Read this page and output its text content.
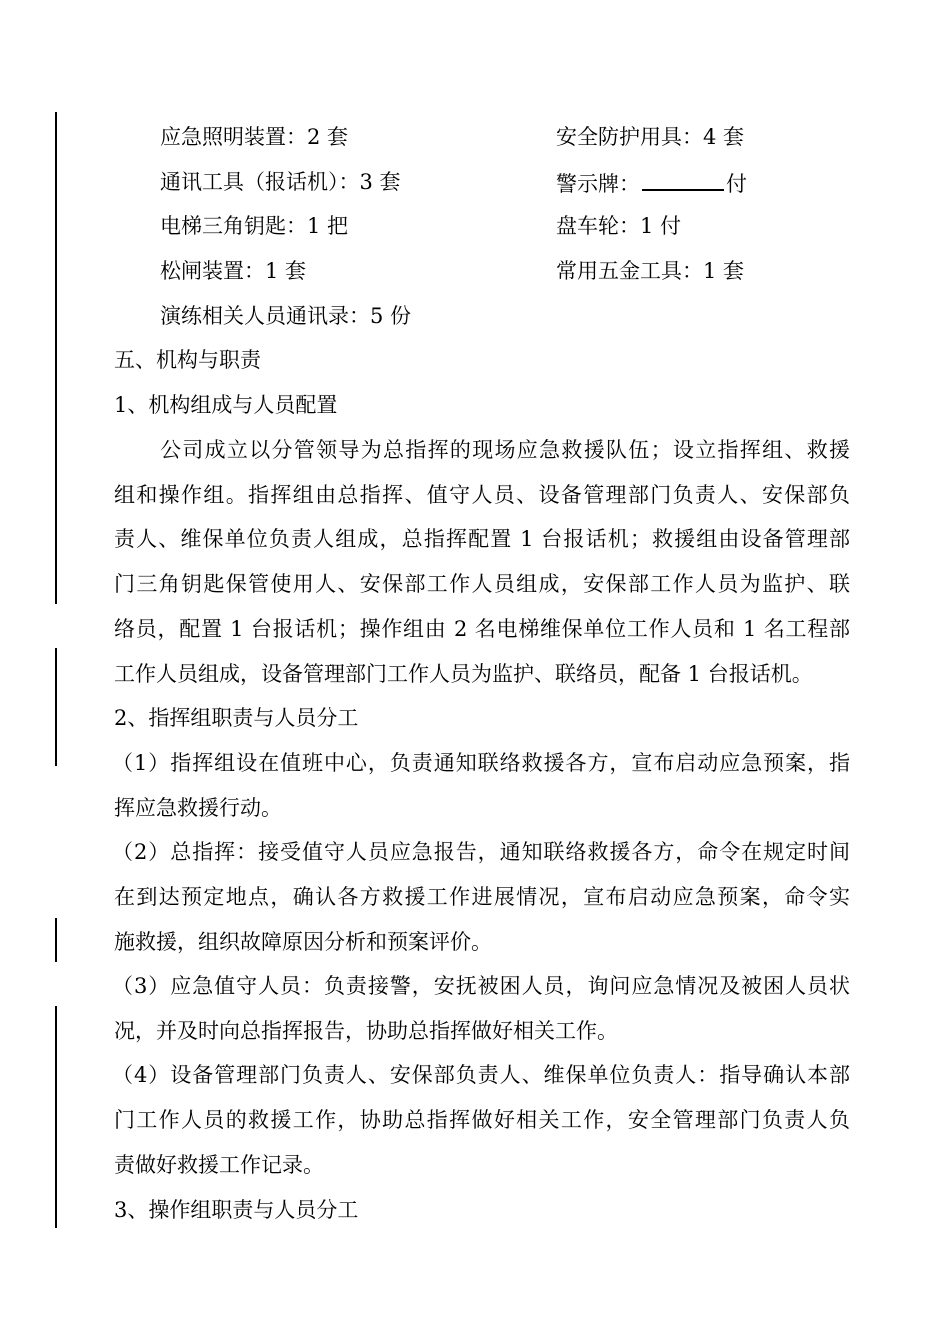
应急照明装置：2 套	安全防护用具：4 套
通讯工具（报话机）：3 套	警示牌：	付
电梯三角钥匙：1 把	盘车轮：1 付
松闸装置：1 套	常用五金工具：1 套
演练相关人员通讯录：5 份
五、机构与职责
1、机构组成与人员配置
公司成立以分管领导为总指挥的现场应急救援队伍；设立指挥组、救援
组和操作组。指挥组由总指挥、值守人员、设备管理部门负责人、安保部负
责人、维保单位负责人组成，总指挥配置 1 台报话机；救援组由设备管理部
门三角钥匙保管使用人、安保部工作人员组成，安保部工作人员为监护、联
络员，配置 1 台报话机；操作组由 2 名电梯维保单位工作人员和 1 名工程部
工作人员组成，设备管理部门工作人员为监护、联络员，配备 1 台报话机。
2、指挥组职责与人员分工
（1）指挥组设在值班中心，负责通知联络救援各方，宣布启动应急预案，指
挥应急救援行动。
（2）总指挥：接受值守人员应急报告，通知联络救援各方，命令在规定时间
在到达预定地点，确认各方救援工作进展情况，宣布启动应急预案，命令实
施救援，组织故障原因分析和预案评价。
（3）应急值守人员：负责接警，安抚被困人员，询问应急情况及被困人员状
况，并及时向总指挥报告，协助总指挥做好相关工作。
（4）设备管理部门负责人、安保部负责人、维保单位负责人：指导确认本部
门工作人员的救援工作，协助总指挥做好相关工作，安全管理部门负责人负
责做好救援工作记录。
3、操作组职责与人员分工
